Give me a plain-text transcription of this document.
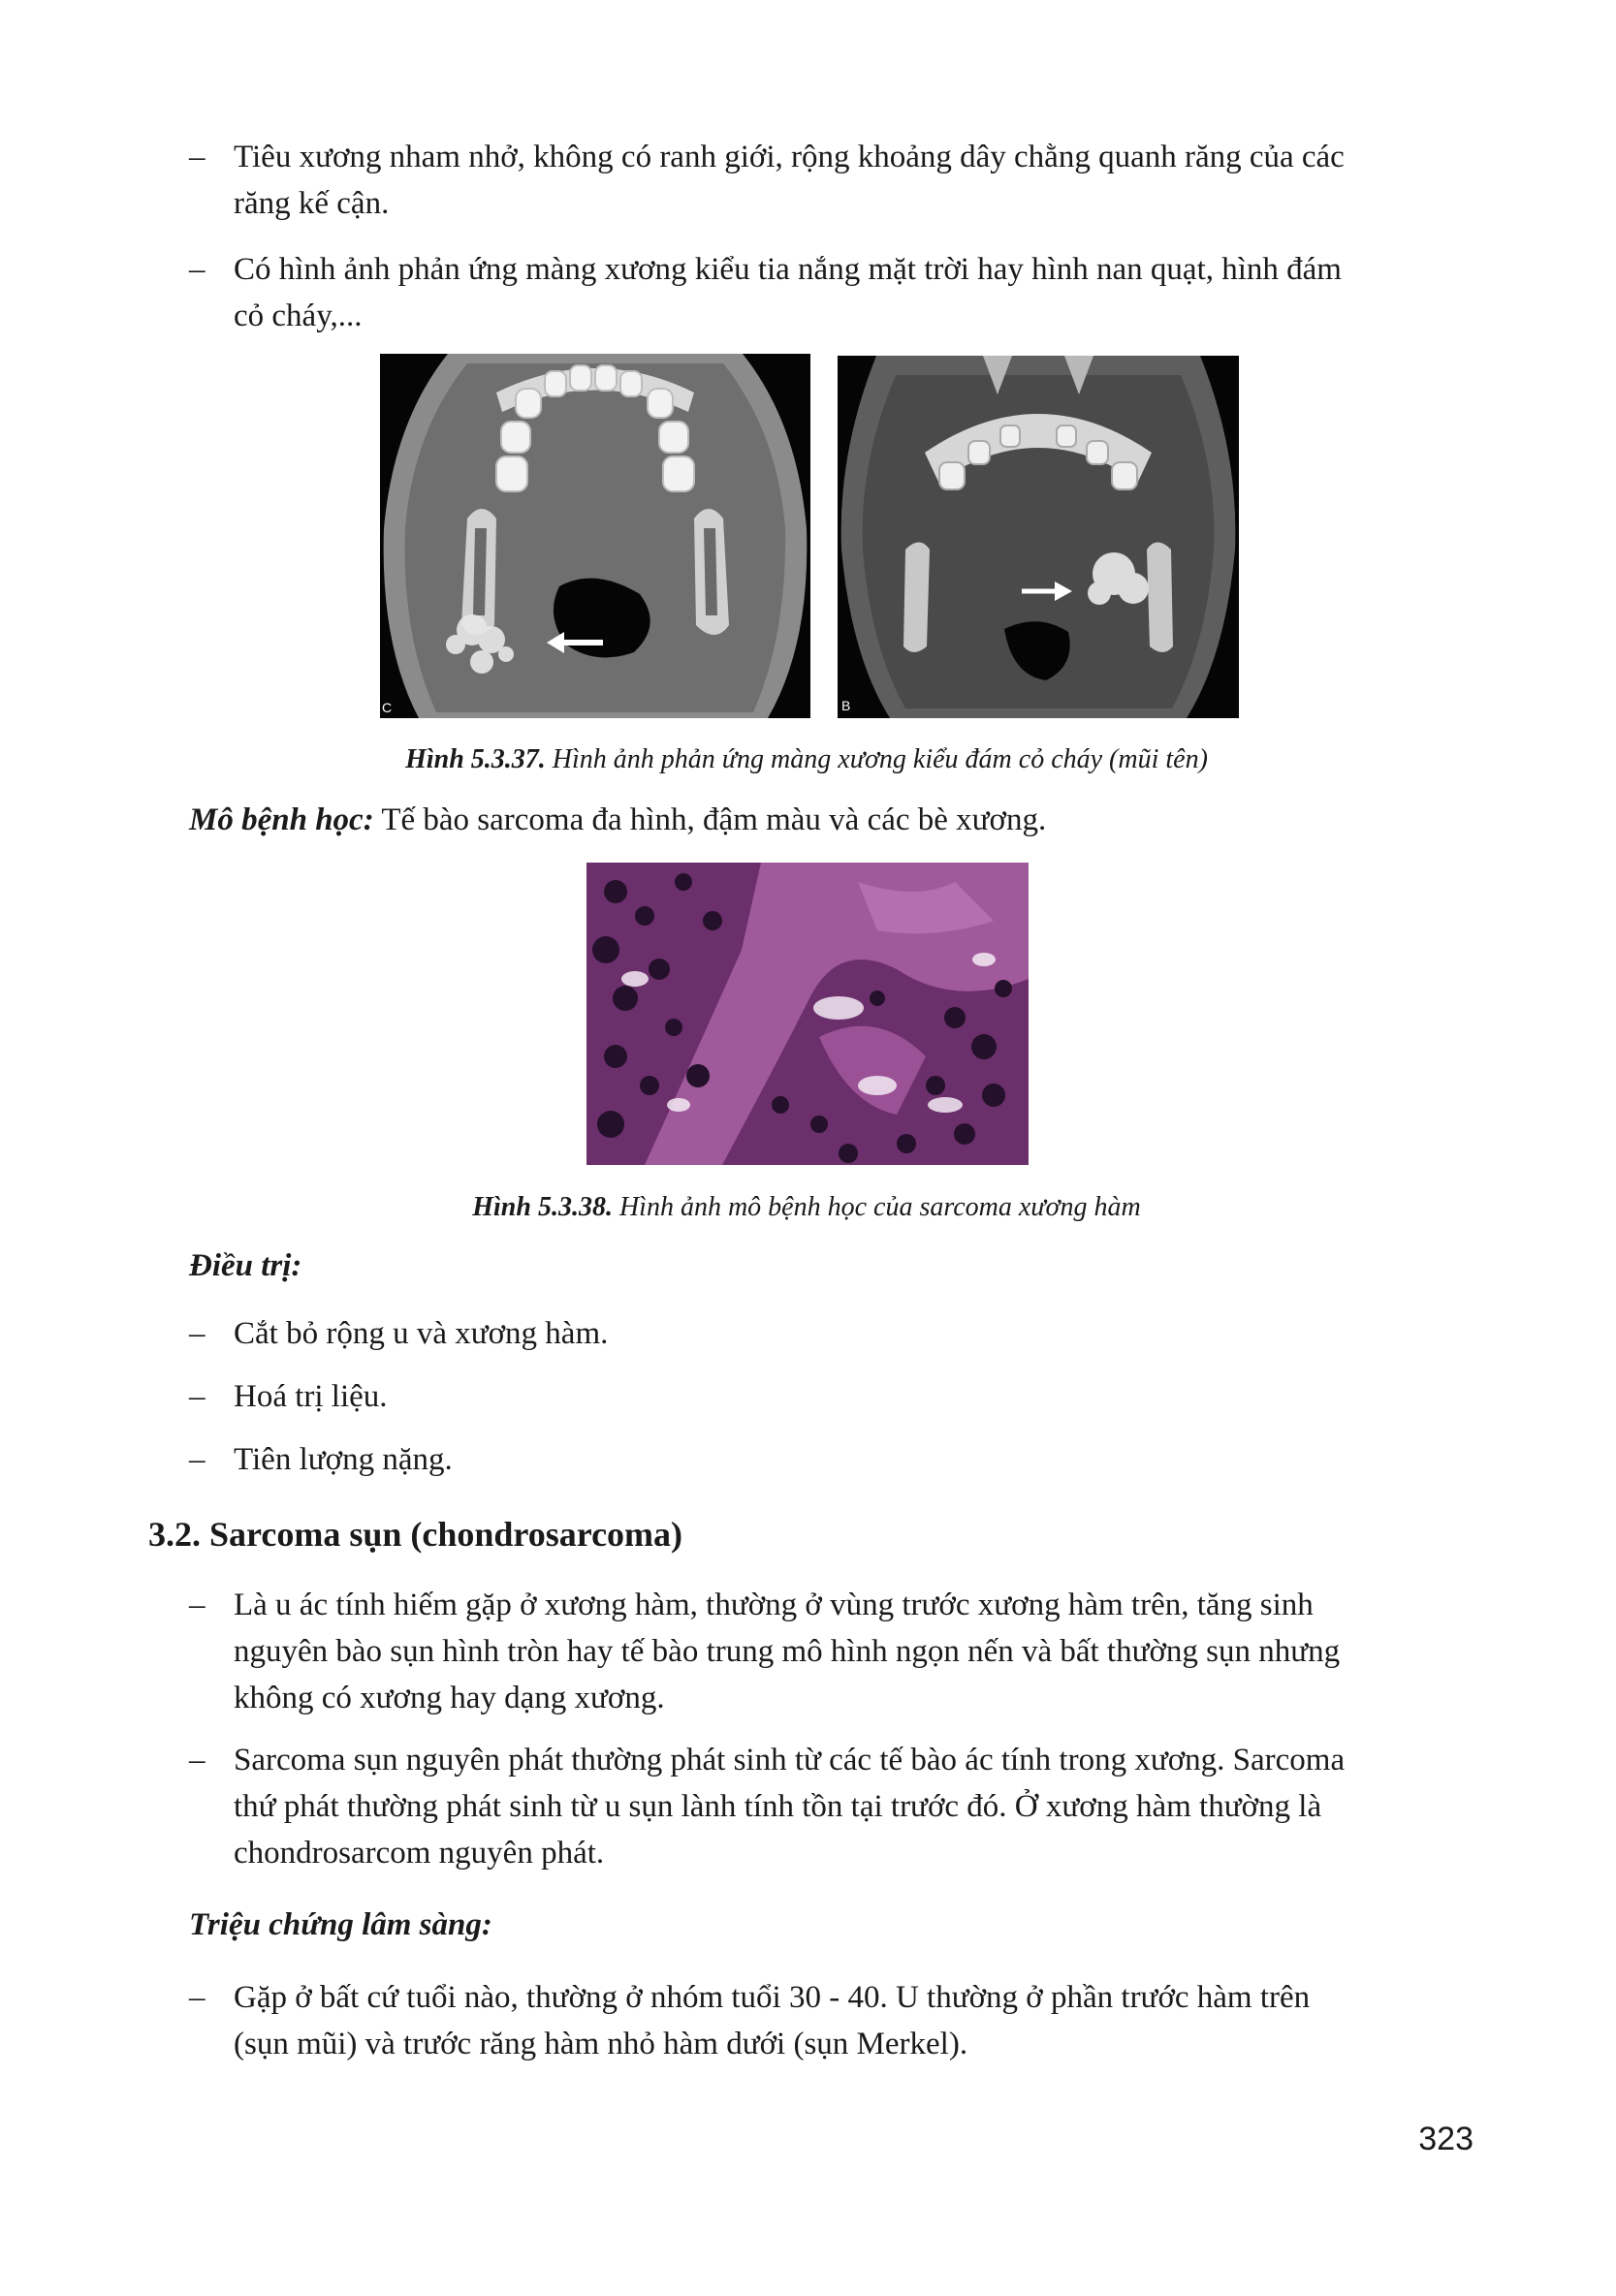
– Tiêu xương nham nhở, không có ranh giới, rộng khoảng dây chằng quanh răng của các
răng kế cận.
– Có hình ảnh phản ứng màng xương kiểu tia nắng mặt trời hay hình nan quạt, hình đám
cỏ cháy,...
C	B
Hình 5.3.37. Hình ảnh phản ứng màng xương kiểu đám cỏ cháy (mũi tên)
Mô bệnh học: Tế bào sarcoma đa hình, đậm màu và các bè xương.
Hình 5.3.38. Hình ảnh mô bệnh học của sarcoma xương hàm
Điều trị:
– Cắt bỏ rộng u và xương hàm.
– Hoá trị liệu.
– Tiên lượng nặng.
3.2. Sarcoma sụn (chondrosarcoma)
– Là u ác tính hiếm gặp ở xương hàm, thường ở vùng trước xương hàm trên, tăng sinh
nguyên bào sụn hình tròn hay tế bào trung mô hình ngọn nến và bất thường sụn nhưng
không có xương hay dạng xương.
– Sarcoma sụn nguyên phát thường phát sinh từ các tế bào ác tính trong xương. Sarcoma
thứ phát thường phát sinh từ u sụn lành tính tồn tại trước đó. Ở xương hàm thường là
chondrosarcom nguyên phát.
Triệu chứng lâm sàng:
– Gặp ở bất cứ tuổi nào, thường ở nhóm tuổi 30 - 40. U thường ở phần trước hàm trên
(sụn mũi) và trước răng hàm nhỏ hàm dưới (sụn Merkel).
323
